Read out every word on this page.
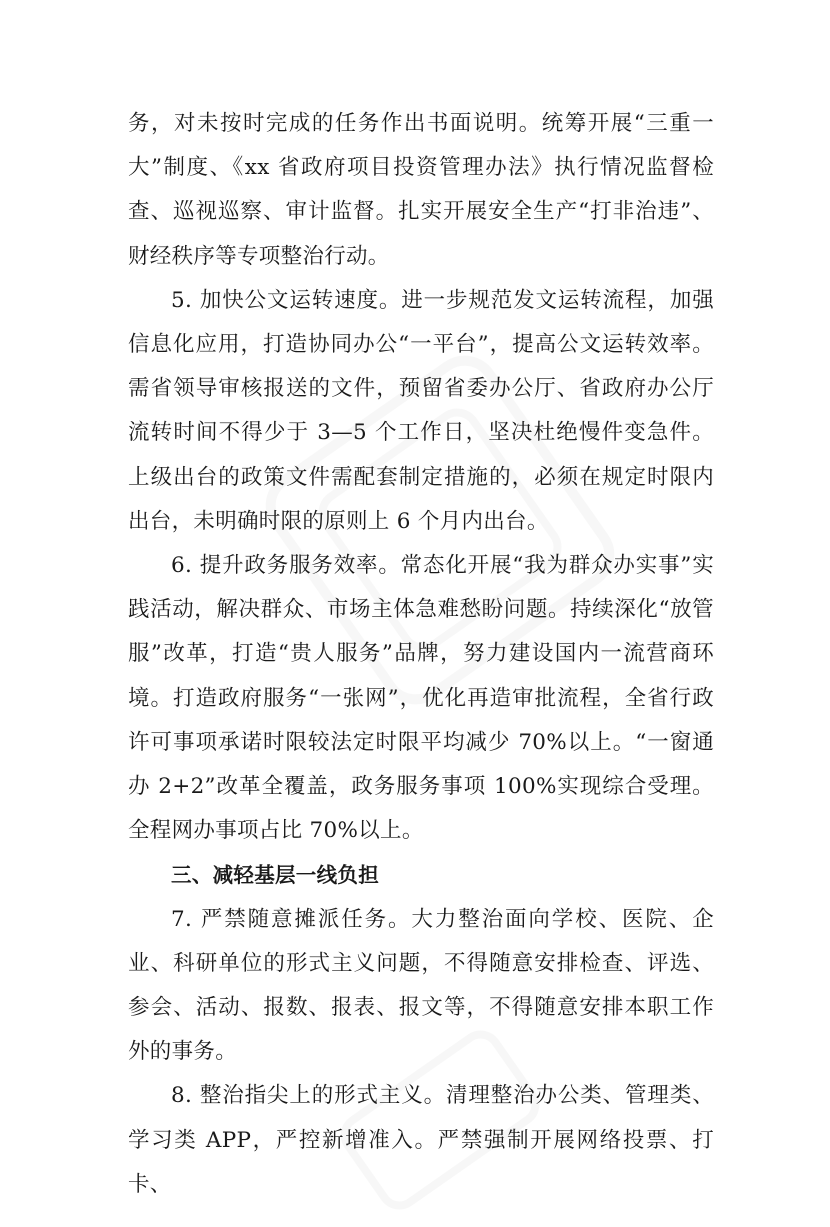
务，对未按时完成的任务作出书面说明。统筹开展“三重一大”制度、《xx 省政府项目投资管理办法》执行情况监督检查、巡视巡察、审计监督。扎实开展安全生产“打非治违”、财经秩序等专项整治行动。

5. 加快公文运转速度。进一步规范发文运转流程，加强信息化应用，打造协同办公“一平台”，提高公文运转效率。需省领导审核报送的文件，预留省委办公厅、省政府办公厅流转时间不得少于 3—5 个工作日，坚决杜绝慢件变急件。上级出台的政策文件需配套制定措施的，必须在规定时限内出台，未明确时限的原则上 6 个月内出台。

6. 提升政务服务效率。常态化开展“我为群众办实事”实践活动，解决群众、市场主体急难愁盼问题。持续深化“放管服”改革，打造“贵人服务”品牌，努力建设国内一流营商环境。打造政府服务“一张网”，优化再造审批流程，全省行政许可事项承诺时限较法定时限平均减少 70%以上。“一窗通办 2+2”改革全覆盖，政务服务事项 100%实现综合受理。全程网办事项占比 70%以上。

三、减轻基层一线负担

7. 严禁随意摊派任务。大力整治面向学校、医院、企业、科研单位的形式主义问题，不得随意安排检查、评选、参会、活动、报数、报表、报文等，不得随意安排本职工作外的事务。

8. 整治指尖上的形式主义。清理整治办公类、管理类、学习类 APP，严控新增准入。严禁强制开展网络投票、打卡、
